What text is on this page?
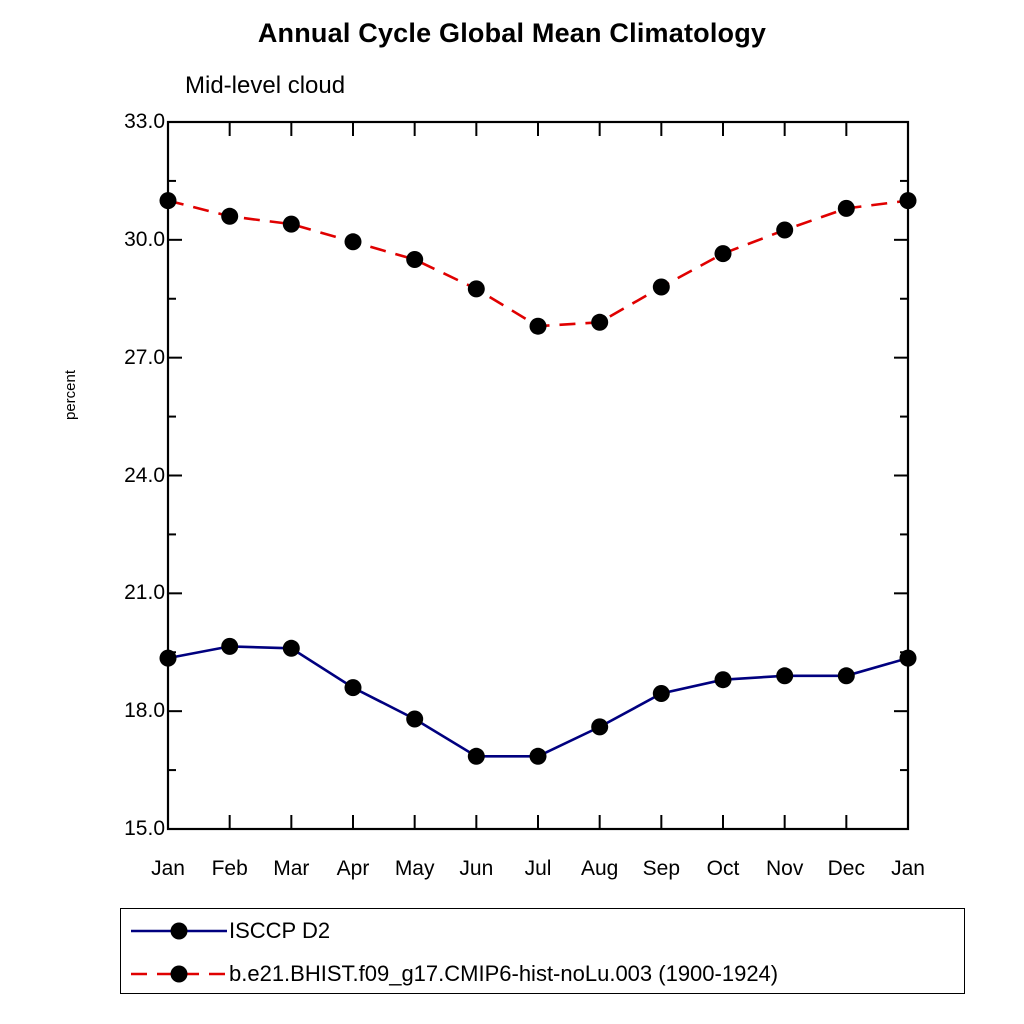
Annual Cycle Global Mean Climatology
Mid-level cloud
percent
33.0
30.0
27.0
24.0
21.0
18.0
15.0
Jan	Feb	Mar	Apr	May	Jun	Jul	Aug	Sep	Oct	Nov	Dec	Jan
ISCCP D2
b.e21.BHIST.f09_g17.CMIP6-hist-noLu.003 (1900-1924)
